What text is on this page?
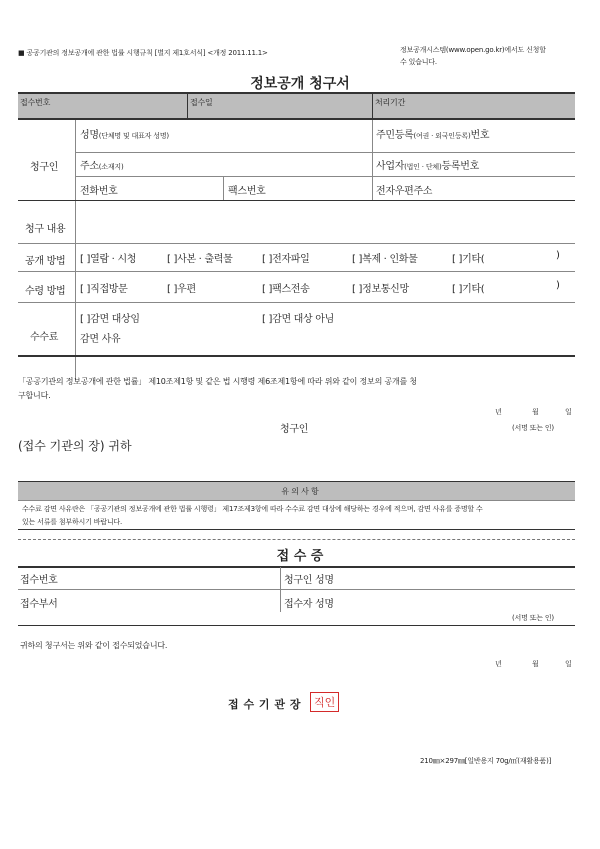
■ 공공기관의 정보공개에 관한 법률 시행규칙 [별지 제1호서식] <개정 2011.11.1>	정보공개시스템(www.open.go.kr)에서도 신청할
수 있습니다.
정보공개 청구서
접수번호	접수일	처리기간
청구인
성명(단체명 및 대표자 성명)	주민등록(여권 · 외국인등록)번호
주소(소재지)	사업자(법인 · 단체)등록번호
전화번호	팩스번호	전자우편주소
청구 내용
공개 방법 [ ]열람 · 시청	[ ]사본 · 출력물	[ ]전자파일	[ ]복제 · 인화물	[ ]기타(	)
수령 방법 [ ]직접방문	[ ]우편	[ ]팩스전송	[ ]정보통신망	[ ]기타(	)
수수료
[ ]감면 대상임	[ ]감면 대상 아님
감면 사유
「공공기관의 정보공개에 관한 법률」 제10조제1항 및 같은 법 시행령 제6조제1항에 따라 위와 같이 정보의 공개를 청
구합니다.
년	월	일
청구인	(서명 또는 인)
(접수 기관의 장) 귀하
유 의 사 항
수수료 감면 사유란은 「공공기관의 정보공개에 관한 법률 시행령」 제17조제3항에 따라 수수료 감면 대상에 해당하는 경우에 적으며, 감면 사유를 증명할 수
있는 서류를 첨부하시기 바랍니다.
접 수 증
접수번호	청구인 성명
접수부서	접수자 성명
(서명 또는 인)
귀하의 청구서는 위와 같이 접수되었습니다.
년	월	일
접 수 기 관 장	직인
210㎜×297㎜[일반용지 70g/㎡(재활용품)]
